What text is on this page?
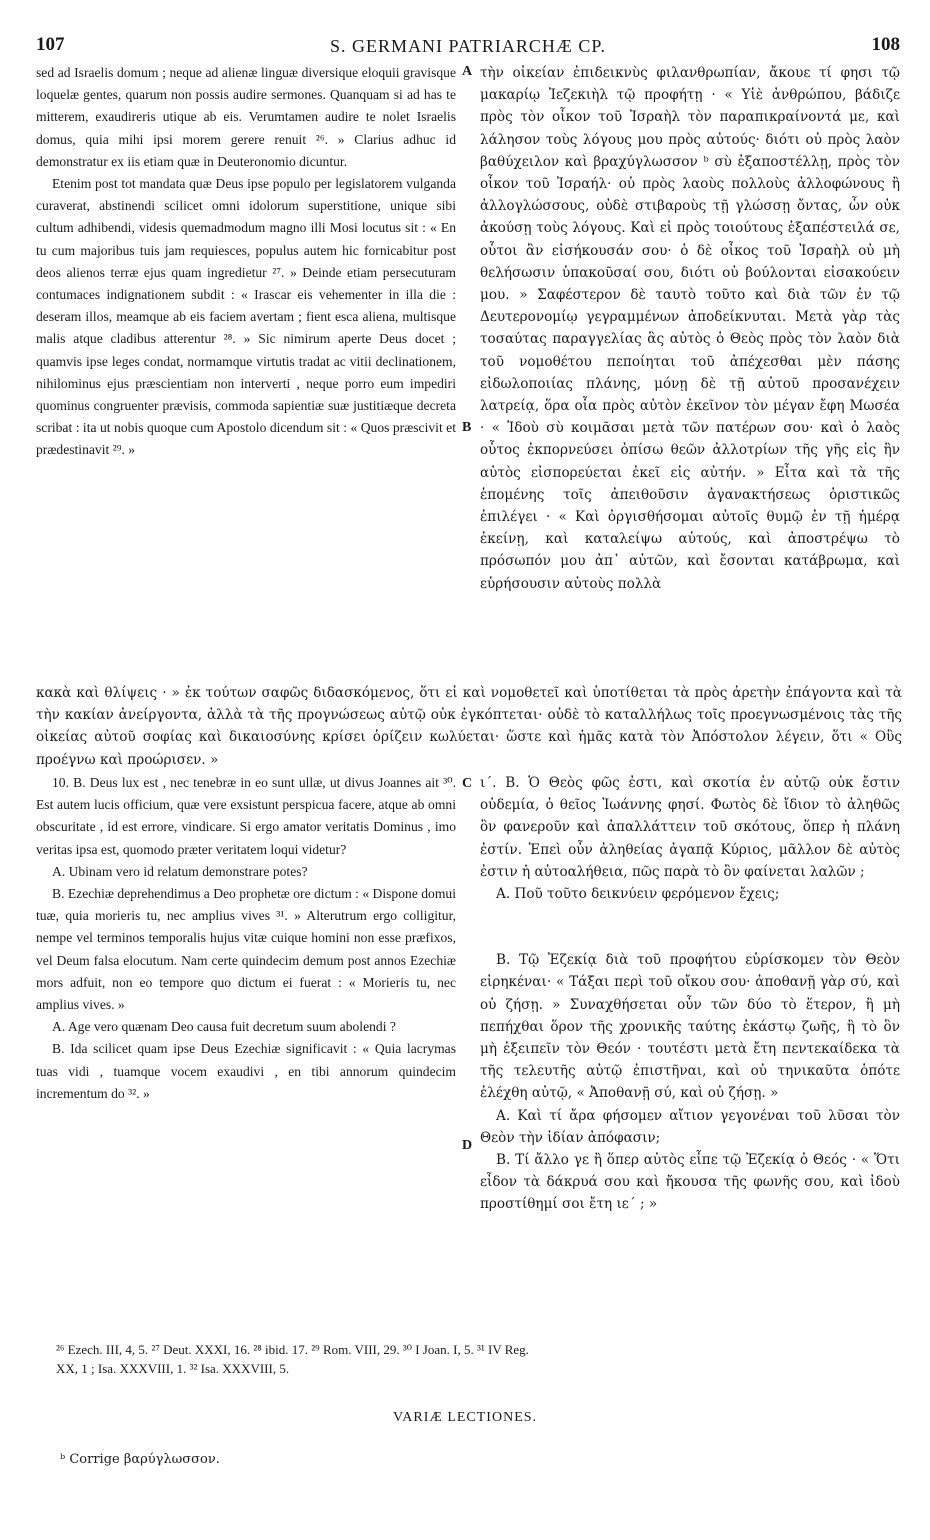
107	S. GERMANI PATRIARCHÆ CP.	108

sed ad Israelis domum ; neque ad alienæ linguæ diversique eloquii gravisque loquelæ gentes, quarum non possis audire sermones. Quanquam si ad has te mitterem, exaudireris utique ab eis. Verumtamen audire te nolet Israelis domus, quia mihi ipsi morem gerere renuit ²⁶. » Clarius adhuc id demonstratur ex iis etiam quæ in Deuteronomio dicuntur.

Etenim post tot mandata quæ Deus ipse populo per legislatorem vulganda curaverat, abstinendi scilicet omni idolorum superstitione, unique sibi cultum adhibendi, videsis quemadmodum magno illi Mosi locutus sit : « En tu cum majoribus tuis jam requiesces, populus autem hic fornicabitur post deos alienos terræ ejus quam ingredietur ²⁷. » Deinde etiam persecuturam contumaces indignationem subdit : « Irascar eis vehementer in illa die : deseram illos, meamque ab eis faciem avertam ; fient esca aliena, multisque malis atque cladibus atterentur ²⁸. » Sic nimirum aperte Deus docet ; quamvis ipse leges condat, normamque virtutis tradat ac vitii declinationem, nihilominus ejus præscientiam non interverti , neque porro eum impediri quominus congruenter prævisis, commoda sapientiæ suæ justitiæque decreta scribat : ita ut nobis quoque cum Apostolo dicendum sit : « Quos præscivit et prædestinavit ²⁹. »

τὴν οἰκείαν ἐπιδεικνὺς φιλανθρωπίαν, ἄκουε τί φησι τῷ μακαρίῳ Ἰεζεκιὴλ τῷ προφήτῃ · « Υἱὲ ἀνθρώπου, βάδιζε πρὸς τὸν οἶκον τοῦ Ἰσραὴλ τὸν παραπικραίνοντά με, καὶ λάλησον τοὺς λόγους μου πρὸς αὐτούς· διότι οὐ πρὸς λαὸν βαθύχειλον καὶ βραχύγλωσσον ᵇ σὺ ἐξαποστέλλῃ, πρὸς τὸν οἶκον τοῦ Ἰσραήλ· οὐ πρὸς λαοὺς πολλοὺς ἀλλοφώνους ἢ ἀλλογλώσσους, οὐδὲ στιβαροὺς τῇ γλώσσῃ ὄντας, ὧν οὐκ ἀκούσῃ τοὺς λόγους. Καὶ εἰ πρὸς τοιούτους ἐξαπέστειλά σε, οὗτοι ἂν εἰσήκουσάν σου· ὁ δὲ οἶκος τοῦ Ἰσραὴλ οὐ μὴ θελήσωσιν ὑπακοῦσαί σου, διότι οὐ βούλονται εἰσακούειν μου. » Σαφέστερον δὲ ταυτὸ τοῦτο καὶ διὰ τῶν ἐν τῷ Δευτερονομίῳ γεγραμμένων ἀποδείκνυται. Μετὰ γὰρ τὰς τοσαύτας παραγγελίας ἃς αὐτὸς ὁ Θεὸς πρὸς τὸν λαὸν διὰ τοῦ νομοθέτου πεποίηται τοῦ ἀπέχεσθαι μὲν πάσης εἰδωλοποιίας πλάνης, μόνῃ δὲ τῇ αὐτοῦ προσανέχειν λατρείᾳ, ὅρα οἷα πρὸς αὐτὸν ἐκεῖνον τὸν μέγαν ἔφη Μωσέα · « Ἰδοὺ σὺ κοιμᾶσαι μετὰ τῶν πατέρων σου· καὶ ὁ λαὸς οὗτος ἐκπορνεύσει ὀπίσω θεῶν ἀλλοτρίων τῆς γῆς εἰς ἣν αὐτὸς εἰσπορεύεται ἐκεῖ εἰς αὐτήν. » Εἶτα καὶ τὰ τῆς ἑπομένης τοῖς ἀπειθοῦσιν ἀγανακτήσεως ὁριστικῶς ἐπιλέγει · « Καὶ ὀργισθήσομαι αὐτοῖς θυμῷ ἐν τῇ ἡμέρᾳ ἐκείνῃ, καὶ καταλείψω αὐτούς, καὶ ἀποστρέψω τὸ πρόσωπόν μου ἀπ᾽ αὐτῶν, καὶ ἔσονται κατάβρωμα, καὶ εὑρήσουσιν αὐτοὺς πολλὰ

A
B

κακὰ καὶ θλίψεις · » ἐκ τούτων σαφῶς διδασκόμενος, ὅτι εἰ καὶ νομοθετεῖ καὶ ὑποτίθεται τὰ πρὸς ἀρετὴν ἐπάγοντα καὶ τὰ τὴν κακίαν ἀνείργοντα, ἀλλὰ τὰ τῆς προγνώσεως αὐτῷ οὐκ ἐγκόπτεται· οὐδὲ τὸ καταλλήλως τοῖς προεγνωσμένοις τὰς τῆς οἰκείας αὐτοῦ σοφίας καὶ δικαιοσύνης κρίσει ὁρίζειν κωλύεται· ὥστε καὶ ἡμᾶς κατὰ τὸν Ἀπόστολον λέγειν, ὅτι « Οὓς προέγνω καὶ προώρισεν. »

10. B. Deus lux est , nec tenebræ in eo sunt ullæ, ut divus Joannes ait ³⁰. Est autem lucis officium, quæ vere exsistunt perspicua facere, atque ab omni obscuritate , id est errore, vindicare. Si ergo amator veritatis Dominus , imo veritas ipsa est, quomodo præter veritatem loqui videtur?

A. Ubinam vero id relatum demonstrare potes?

B. Ezechiæ deprehendimus a Deo prophetæ ore dictum : « Dispone domui tuæ, quia morieris tu, nec amplius vives ³¹. » Alterutrum ergo colligitur, nempe vel terminos temporalis hujus vitæ cuique homini non esse præfixos, vel Deum falsa elocutum. Nam certe quindecim demum post annos Ezechiæ mors adfuit, non eo tempore quo dictum ei fuerat : « Morieris tu, nec amplius vives. »

A. Age vero quænam Deo causa fuit decretum suum abolendi ?

B. Ida scilicet quam ipse Deus Ezechiæ significavit : « Quia lacrymas tuas vidi , tuamque vocem exaudivi , en tibi annorum quindecim incrementum do ³². »

ι΄. Β. Ὁ Θεὸς φῶς ἐστι, καὶ σκοτία ἐν αὐτῷ οὐκ ἔστιν οὐδεμία, ὁ θεῖος Ἰωάννης φησί. Φωτὸς δὲ ἴδιον τὸ ἀληθῶς ὂν φανεροῦν καὶ ἀπαλλάττειν τοῦ σκότους, ὅπερ ἡ πλάνη ἐστίν. Ἐπεὶ οὖν ἀληθείας ἀγαπᾷ Κύριος, μᾶλλον δὲ αὐτὸς ἐστιν ἡ αὐτοαλήθεια, πῶς παρὰ τὸ ὂν φαίνεται λαλῶν ;

Α. Ποῦ τοῦτο δεικνύειν φερόμενον ἔχεις;

Β. Τῷ Ἐζεκίᾳ διὰ τοῦ προφήτου εὑρίσκομεν τὸν Θεὸν εἰρηκέναι· « Τάξαι περὶ τοῦ οἴκου σου· ἀποθανῇ γὰρ σύ, καὶ οὐ ζήσῃ. » Συναχθήσεται οὖν τῶν δύο τὸ ἕτερον, ἢ μὴ πεπήχθαι ὅρον τῆς χρονικῆς ταύτης ἑκάστῳ ζωῆς, ἢ τὸ ὂν μὴ ἐξειπεῖν τὸν Θεόν · τουτέστι μετὰ ἔτη πεντεκαίδεκα τὰ τῆς τελευτῆς αὐτῷ ἐπιστῆναι, καὶ οὐ τηνικαῦτα ὁπότε ἐλέχθη αὐτῷ, « Ἀποθανῇ σύ, καὶ οὐ ζήσῃ. »

Α. Καὶ τί ἄρα φήσομεν αἴτιον γεγονέναι τοῦ λῦσαι τὸν Θεὸν τὴν ἰδίαν ἀπόφασιν;

Β. Τί ἄλλο γε ἢ ὅπερ αὐτὸς εἶπε τῷ Ἐζεκίᾳ ὁ Θεός · « Ὅτι εἶδον τὰ δάκρυά σου καὶ ἤκουσα τῆς φωνῆς σου, καὶ ἰδοὺ προστίθημί σοι ἔτη ιε΄ ; »

C
D

²⁶ Ezech. III, 4, 5. ²⁷ Deut. XXXI, 16. ²⁸ ibid. 17. ²⁹ Rom. VIII, 29. ³⁰ I Joan. I, 5. ³¹ IV Reg.

XX, 1 ; Isa. XXXVIII, 1. ³² Isa. XXXVIII, 5.

VARIÆ LECTIONES.
ᵇ Corrige βαρύγλωσσον.
